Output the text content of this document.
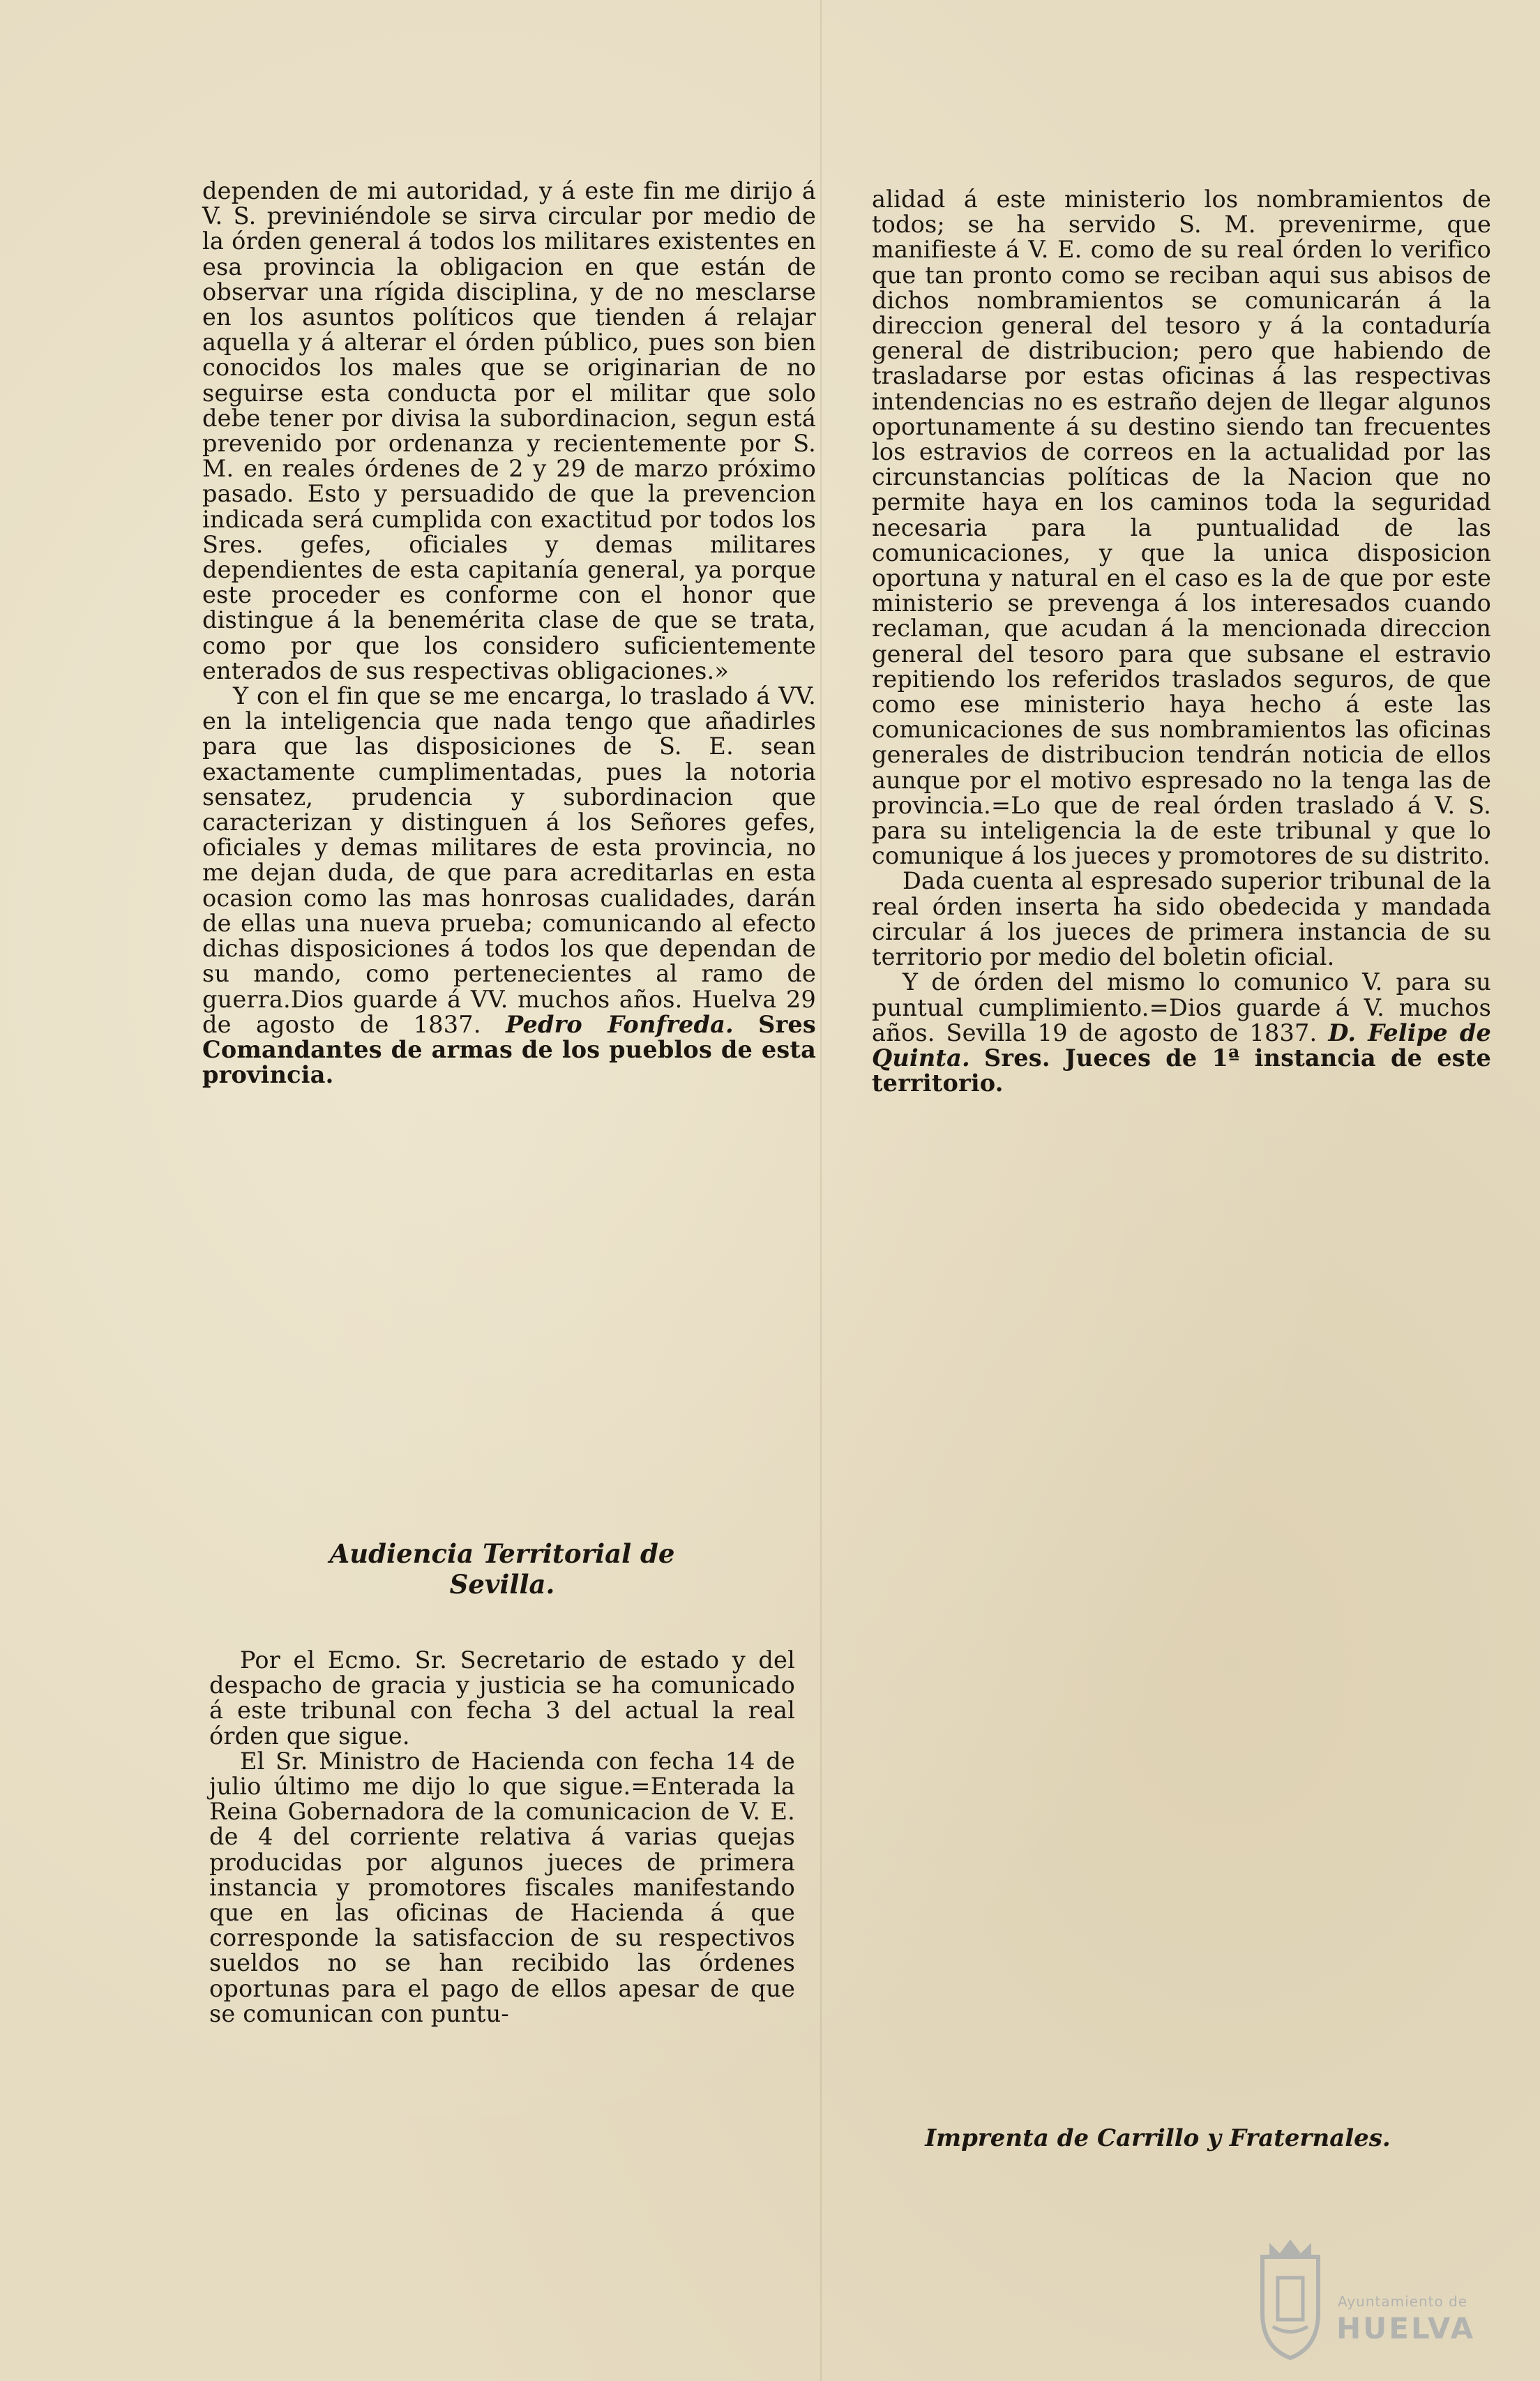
dependen de mi autoridad, y á este fin me dirijo á V. S. previniéndole se sirva circular por medio de la órden general á todos los militares existentes en esa provincia la obligacion en que están de observar una rígida disciplina, y de no mesclarse en los asuntos políticos que tienden á relajar aquella y á alterar el órden público, pues son bien conocidos los males que se originarian de no seguirse esta conducta por el militar que solo debe tener por divisa la subordinacion, segun está prevenido por ordenanza y recientemente por S. M. en reales órdenes de 2 y 29 de marzo próximo pasado. Esto y persuadido de que la prevencion indicada será cumplida con exactitud por todos los Sres. gefes, oficiales y demas militares dependientes de esta capitanía general, ya porque este proceder es conforme con el honor que distingue á la benemérita clase de que se trata, como por que los considero suficientemente enterados de sus respectivas obligaciones.»

Y con el fin que se me encarga, lo traslado á VV. en la inteligencia que nada tengo que añadirles para que las disposiciones de S. E. sean exactamente cumplimentadas, pues la notoria sensatez, prudencia y subordinacion que caracterizan y distinguen á los Señores gefes, oficiales y demas militares de esta provincia, no me dejan duda, de que para acreditarlas en esta ocasion como las mas honrosas cualidades, darán de ellas una nueva prueba; comunicando al efecto dichas disposiciones á todos los que dependan de su mando, como pertenecientes al ramo de guerra.Dios guarde á VV. muchos años. Huelva 29 de agosto de 1837. Pedro Fonfreda. Sres Comandantes de armas de los pueblos de esta provincia.

Audiencia Territorial de Sevilla.

Por el Ecmo. Sr. Secretario de estado y del despacho de gracia y justicia se ha comunicado á este tribunal con fecha 3 del actual la real órden que sigue.

El Sr. Ministro de Hacienda con fecha 14 de julio último me dijo lo que sigue.=Enterada la Reina Gobernadora de la comunicacion de V. E. de 4 del corriente relativa á varias quejas producidas por algunos jueces de primera instancia y promotores fiscales manifestando que en las oficinas de Hacienda á que corresponde la satisfaccion de su respectivos sueldos no se han recibido las órdenes oportunas para el pago de ellos apesar de que se comunican con puntu-

alidad á este ministerio los nombramientos de todos; se ha servido S. M. prevenirme, que manifieste á V. E. como de su real órden lo verifico que tan pronto como se reciban aqui sus abisos de dichos nombramientos se comunicarán á la direccion general del tesoro y á la contaduría general de distribucion; pero que habiendo de trasladarse por estas oficinas á las respectivas intendencias no es estraño dejen de llegar algunos oportunamente á su destino siendo tan frecuentes los estravios de correos en la actualidad por las circunstancias políticas de la Nacion que no permite haya en los caminos toda la seguridad necesaria para la puntualidad de las comunicaciones, y que la unica disposicion oportuna y natural en el caso es la de que por este ministerio se prevenga á los interesados cuando reclaman, que acudan á la mencionada direccion general del tesoro para que subsane el estravio repitiendo los referidos traslados seguros, de que como ese ministerio haya hecho á este las comunicaciones de sus nombramientos las oficinas generales de distribucion tendrán noticia de ellos aunque por el motivo espresado no la tenga las de provincia.=Lo que de real órden traslado á V. S. para su inteligencia la de este tribunal y que lo comunique á los jueces y promotores de su distrito.

Dada cuenta al espresado superior tribunal de la real órden inserta ha sido obedecida y mandada circular á los jueces de primera instancia de su territorio por medio del boletin oficial.

Y de órden del mismo lo comunico V. para su puntual cumplimiento.=Dios guarde á V. muchos años. Sevilla 19 de agosto de 1837. D. Felipe de Quinta. Sres. Jueces de 1ª instancia de este territorio.

Imprenta de Carrillo y Fraternales.
Ayuntamiento de
HUELVA
